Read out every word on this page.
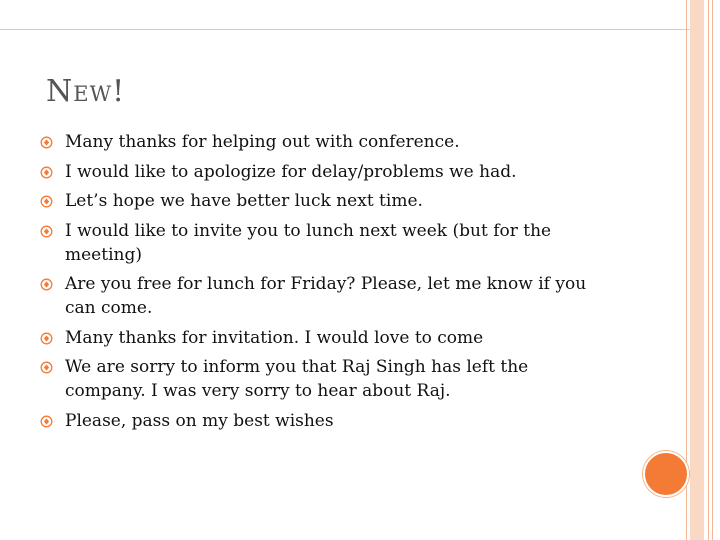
NEW!
Many thanks for helping out with conference.
I would like to apologize for delay/problems we had.
Let’s hope we have better luck next time.
I would like to invite you to lunch next week (but for the meeting)
Are you free for lunch for Friday? Please, let me know if you can come.
Many thanks for invitation. I would love to come
We are sorry to inform you that Raj Singh has left the company. I was very sorry to hear about Raj.
Please, pass on my best wishes
